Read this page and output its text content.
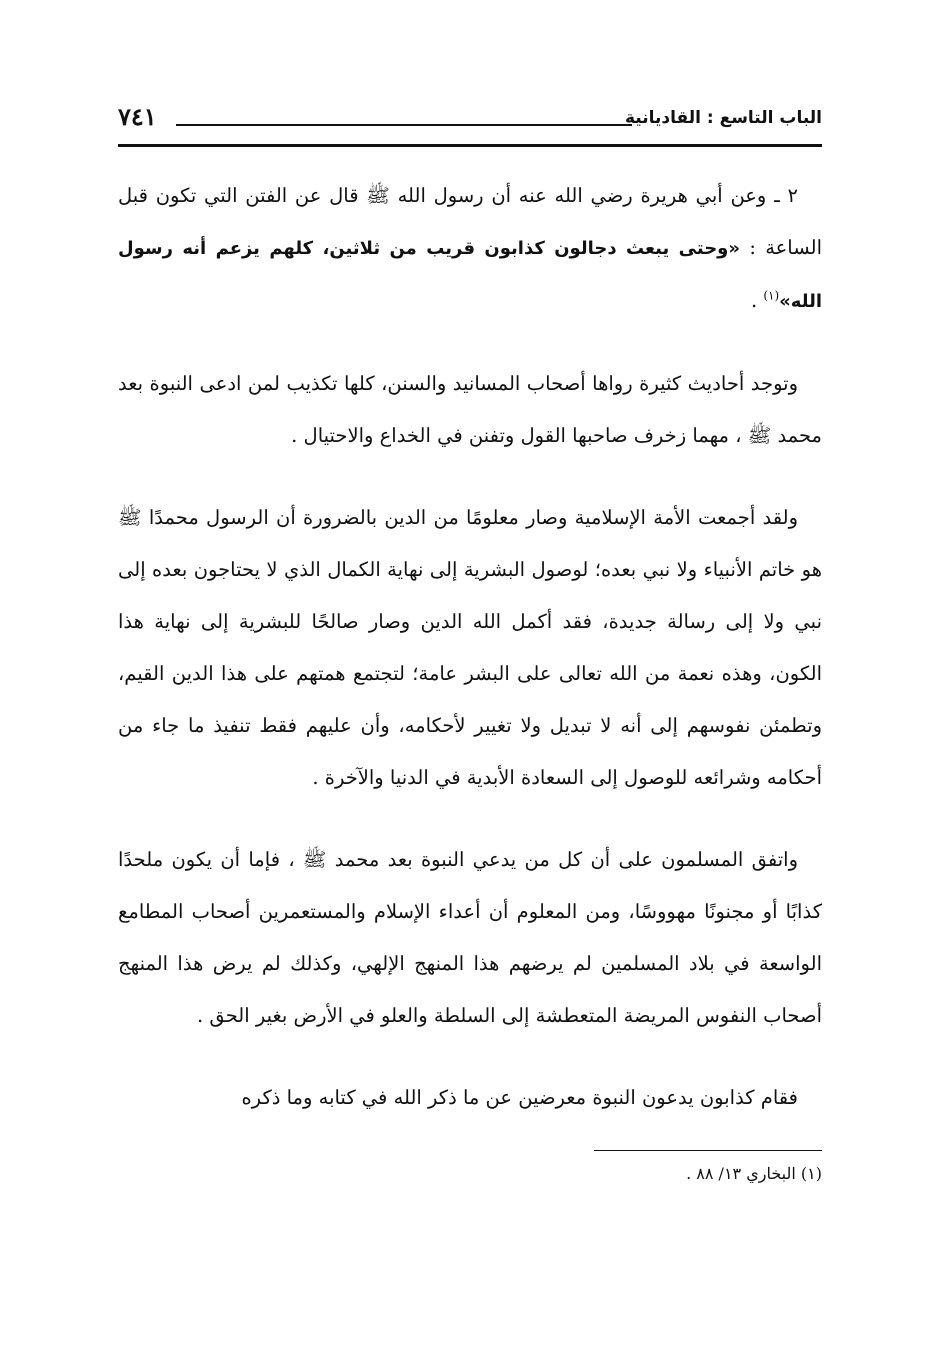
الباب التاسع : القاديانية
٧٤١

٢ ـ وعن أبي هريرة رضي الله عنه أن رسول الله ﷺ قال عن الفتن التي تكون قبل الساعة : «وحتى يبعث دجالون كذابون قريب من ثلاثين، كلهم يزعم أنه رسول الله»$^{(١)}$ .

وتوجد أحاديث كثيرة رواها أصحاب المسانيد والسنن، كلها تكذيب لمن ادعى النبوة بعد محمد ﷺ ، مهما زخرف صاحبها القول وتفنن في الخداع والاحتيال .

ولقد أجمعت الأمة الإسلامية وصار معلومًا من الدين بالضرورة أن الرسول محمدًا ﷺ هو خاتم الأنبياء ولا نبي بعده؛ لوصول البشرية إلى نهاية الكمال الذي لا يحتاجون بعده إلى نبي ولا إلى رسالة جديدة، فقد أكمل الله الدين وصار صالحًا للبشرية إلى نهاية هذا الكون، وهذه نعمة من الله تعالى على البشر عامة؛ لتجتمع همتهم على هذا الدين القيم، وتطمئن نفوسهم إلى أنه لا تبديل ولا تغيير لأحكامه، وأن عليهم فقط تنفيذ ما جاء من أحكامه وشرائعه للوصول إلى السعادة الأبدية في الدنيا والآخرة .

واتفق المسلمون على أن كل من يدعي النبوة بعد محمد ﷺ ، فإما أن يكون ملحدًا كذابًا أو مجنونًا مهووسًا، ومن المعلوم أن أعداء الإسلام والمستعمرين أصحاب المطامع الواسعة في بلاد المسلمين لم يرضهم هذا المنهج الإلهي، وكذلك لم يرض هذا المنهج أصحاب النفوس المريضة المتعطشة إلى السلطة والعلو في الأرض بغير الحق .

فقام كذابون يدعون النبوة معرضين عن ما ذكر الله في كتابه وما ذكره

(١) البخاري ١٣/ ٨٨ .
